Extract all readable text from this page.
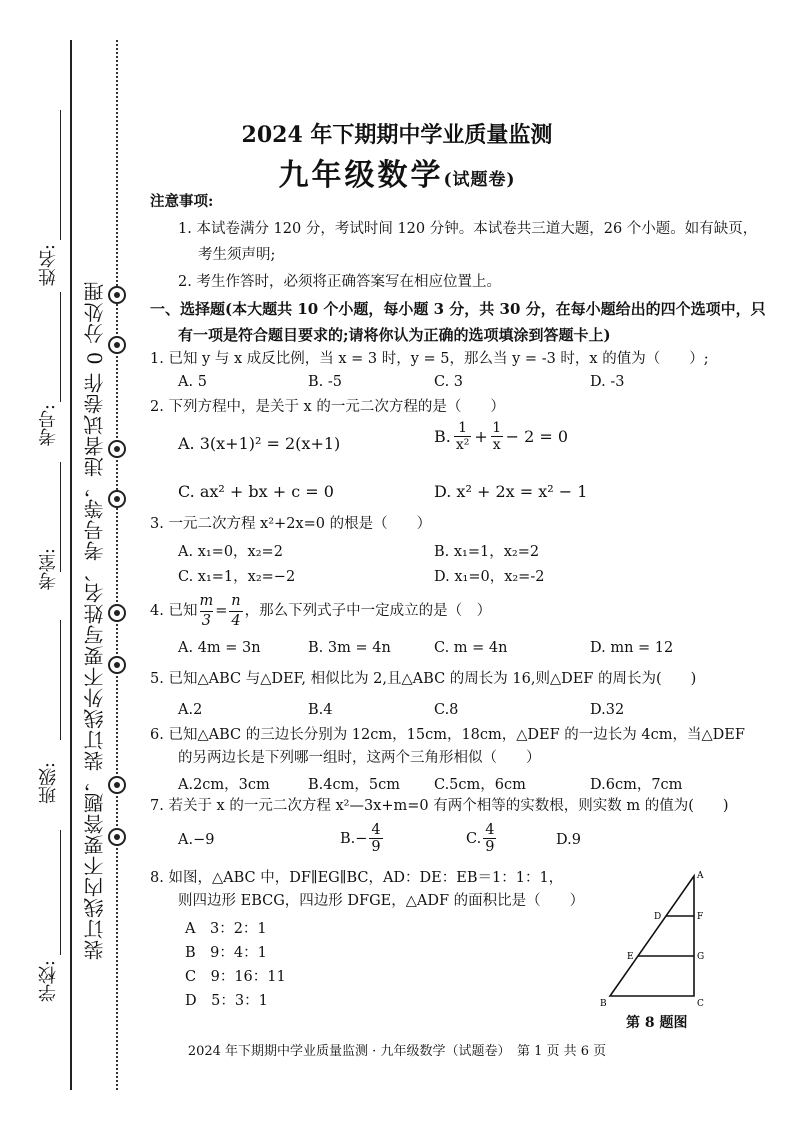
装订线内不要答题，装订线外不要写姓名、考号等，违者试卷作 0 分处理
姓名:
考号:
考室:
班级:
学校:
2024 年下期期中学业质量监测
九年级数学(试题卷)
注意事项:
1. 本试卷满分 120 分，考试时间 120 分钟。本试卷共三道大题，26 个小题。如有缺页，
考生须声明;
2. 考生作答时，必须将正确答案写在相应位置上。
一、选择题(本大题共 10 个小题，每小题 3 分，共 30 分，在每小题给出的四个选项中，只
有一项是符合题目要求的;请将你认为正确的选项填涂到答题卡上)
1. 已知 y 与 x 成反比例，当 x = 3 时，y = 5，那么当 y = -3 时，x 的值为（　　）;
A. 5	B. -5	C. 3	D. -3
2. 下列方程中，是关于 x 的一元二次方程的是（　　）
A. 3(x+1)² = 2(x+1)	B. $\frac{1}{\text{x²}} + \frac{1}{x} - 2 = 0$
C. ax² + bx + c = 0	D. x² + 2x = x² − 1
3. 一元二次方程 x²+2x=0 的根是（　　）
A. x₁=0，x₂=2	B. x₁=1，x₂=2
C. x₁=1，x₂=−2	D. x₁=0，x₂=-2
4. 已知 $\frac{m}{3} = \frac{n}{4}$ ，那么下列式子中一定成立的是（　）
A. 4m = 3n	B. 3m = 4n	C. m = 4n	D. mn = 12
5. 已知△ABC 与△DEF, 相似比为 2,且△ABC 的周长为 16,则△DEF 的周长为(　　)
A.2	B.4	C.8	D.32
6. 已知△ABC 的三边长分别为 12cm，15cm，18cm，△DEF 的一边长为 4cm，当△DEF
的另两边长是下列哪一组时，这两个三角形相似（　　）
A.2cm，3cm	B.4cm，5cm C.5cm，6cm	D.6cm，7cm
7. 若关于 x 的一元二次方程 x²—3x+m=0 有两个相等的实数根，则实数 m 的值为(　　)
A.−9	$B.- \frac{4}{9}$	C. $\frac{4}{9}$	D.9
8. 如图，△ABC 中，DF∥EG∥BC，AD：DE：EB＝1：1：1，
则四边形 EBCG，四边形 DFGE，△ADF 的面积比是（　　）
A　3：2：1
B　9：4：1
C　9：16：11
D　5：3：1
A
D	F
E	G
B	C
第 8 题图
2024 年下期期中学业质量监测 · 九年级数学（试题卷）　第 1 页 共 6 页
